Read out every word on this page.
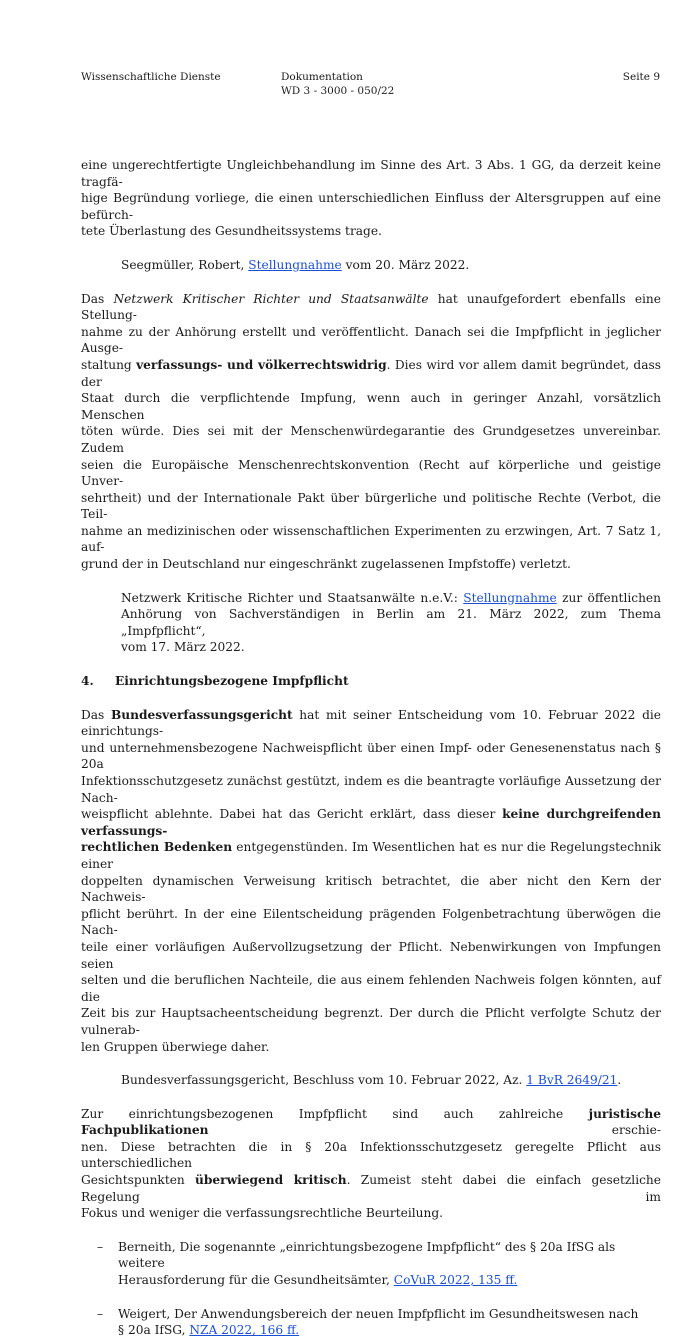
Wissenschaftliche Dienste	Dokumentation
WD 3 - 3000 - 050/22
Seite 9

eine ungerechtfertigte Ungleichbehandlung im Sinne des Art. 3 Abs. 1 GG, da derzeit keine tragfä-

hige Begründung vorliege, die einen unterschiedlichen Einfluss der Altersgruppen auf eine befürch-

tete Überlastung des Gesundheitssystems trage.

Seegmüller, Robert, Stellungnahme vom 20. März 2022.

Das Netzwerk Kritischer Richter und Staatsanwälte hat unaufgefordert ebenfalls eine Stellung-

nahme zu der Anhörung erstellt und veröffentlicht. Danach sei die Impfpflicht in jeglicher Ausge-

staltung verfassungs- und völkerrechtswidrig. Dies wird vor allem damit begründet, dass der

Staat durch die verpflichtende Impfung, wenn auch in geringer Anzahl, vorsätzlich Menschen

töten würde. Dies sei mit der Menschenwürdegarantie des Grundgesetzes unvereinbar. Zudem

seien die Europäische Menschenrechtskonvention (Recht auf körperliche und geistige Unver-

sehrtheit) und der Internationale Pakt über bürgerliche und politische Rechte (Verbot, die Teil-

nahme an medizinischen oder wissenschaftlichen Experimenten zu erzwingen, Art. 7 Satz 1, auf-

grund der in Deutschland nur eingeschränkt zugelassenen Impfstoffe) verletzt.

Netzwerk Kritische Richter und Staatsanwälte n.e.V.: Stellungnahme zur öffentlichen

Anhörung von Sachverständigen in Berlin am 21. März 2022, zum Thema „Impfpflicht“,

vom 17. März 2022.

4. Einrichtungsbezogene Impfpflicht

Das Bundesverfassungsgericht hat mit seiner Entscheidung vom 10. Februar 2022 die einrichtungs-

und unternehmensbezogene Nachweispflicht über einen Impf- oder Genesenenstatus nach § 20a

Infektionsschutzgesetz zunächst gestützt, indem es die beantragte vorläufige Aussetzung der Nach-

weispflicht ablehnte. Dabei hat das Gericht erklärt, dass dieser keine durchgreifenden verfassungs-

rechtlichen Bedenken entgegenstünden. Im Wesentlichen hat es nur die Regelungstechnik einer

doppelten dynamischen Verweisung kritisch betrachtet, die aber nicht den Kern der Nachweis-

pflicht berührt. In der eine Eilentscheidung prägenden Folgenbetrachtung überwögen die Nach-

teile einer vorläufigen Außervollzugsetzung der Pflicht. Nebenwirkungen von Impfungen seien

selten und die beruflichen Nachteile, die aus einem fehlenden Nachweis folgen könnten, auf die

Zeit bis zur Hauptsacheentscheidung begrenzt. Der durch die Pflicht verfolgte Schutz der vulnerab-

len Gruppen überwiege daher.

Bundesverfassungsgericht, Beschluss vom 10. Februar 2022, Az. 1 BvR 2649/21.

Zur einrichtungsbezogenen Impfpflicht sind auch zahlreiche juristische Fachpublikationen erschie-

nen. Diese betrachten die in § 20a Infektionsschutzgesetz geregelte Pflicht aus unterschiedlichen

Gesichtspunkten überwiegend kritisch. Zumeist steht dabei die einfach gesetzliche Regelung im

Fokus und weniger die verfassungsrechtliche Beurteilung.

– Berneith, Die sogenannte „einrichtungsbezogene Impfpflicht“ des § 20a IfSG als weitere

Herausforderung für die Gesundheitsämter, CoVuR 2022, 135 ff.

– Weigert, Der Anwendungsbereich der neuen Impfpflicht im Gesundheitswesen nach

§ 20a IfSG, NZA 2022, 166 ff.
